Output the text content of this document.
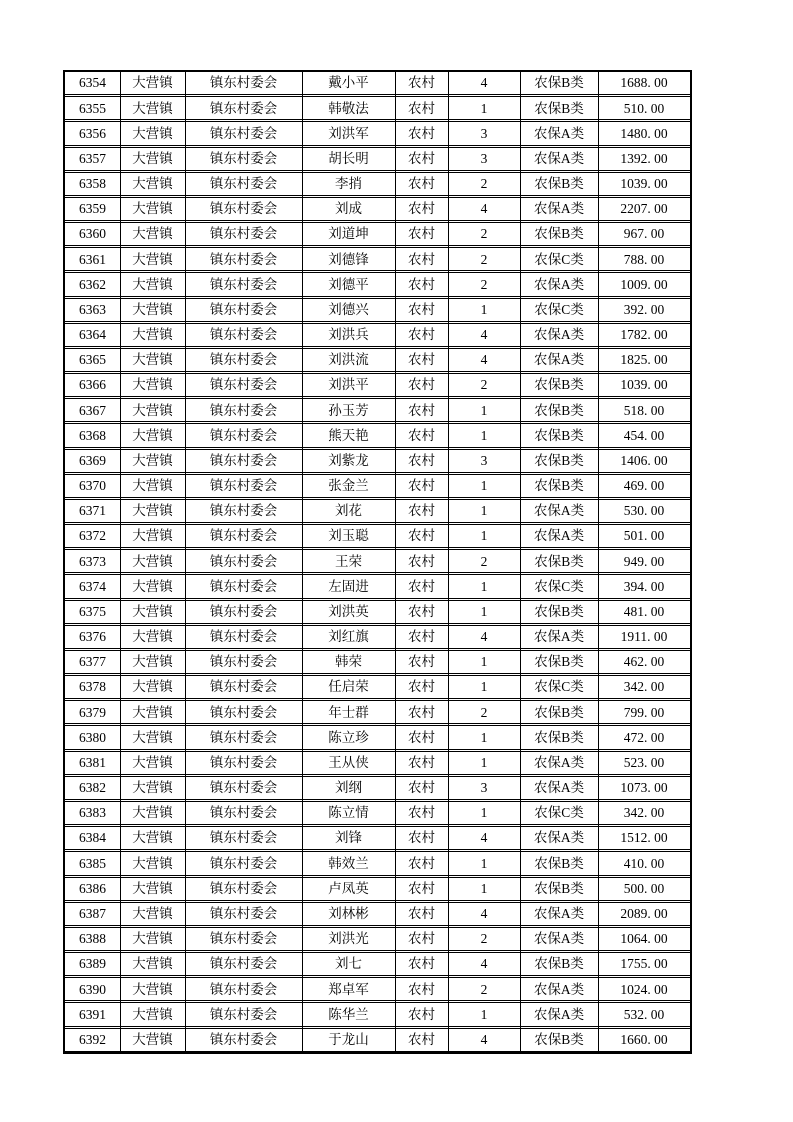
6354	大营镇	镇东村委会	戴小平	农村	4	农保B类	1688. 00
6355	大营镇	镇东村委会	韩敬法	农村	1	农保B类	510. 00
6356	大营镇	镇东村委会	刘洪军	农村	3	农保A类	1480. 00
6357	大营镇	镇东村委会	胡长明	农村	3	农保A类	1392. 00
6358	大营镇	镇东村委会	李捎	农村	2	农保B类	1039. 00
6359	大营镇	镇东村委会	刘成	农村	4	农保A类	2207. 00
6360	大营镇	镇东村委会	刘道坤	农村	2	农保B类	967. 00
6361	大营镇	镇东村委会	刘德锋	农村	2	农保C类	788. 00
6362	大营镇	镇东村委会	刘德平	农村	2	农保A类	1009. 00
6363	大营镇	镇东村委会	刘德兴	农村	1	农保C类	392. 00
6364	大营镇	镇东村委会	刘洪兵	农村	4	农保A类	1782. 00
6365	大营镇	镇东村委会	刘洪流	农村	4	农保A类	1825. 00
6366	大营镇	镇东村委会	刘洪平	农村	2	农保B类	1039. 00
6367	大营镇	镇东村委会	孙玉芳	农村	1	农保B类	518. 00
6368	大营镇	镇东村委会	熊天艳	农村	1	农保B类	454. 00
6369	大营镇	镇东村委会	刘紫龙	农村	3	农保B类	1406. 00
6370	大营镇	镇东村委会	张金兰	农村	1	农保B类	469. 00
6371	大营镇	镇东村委会	刘花	农村	1	农保A类	530. 00
6372	大营镇	镇东村委会	刘玉聪	农村	1	农保A类	501. 00
6373	大营镇	镇东村委会	王荣	农村	2	农保B类	949. 00
6374	大营镇	镇东村委会	左固进	农村	1	农保C类	394. 00
6375	大营镇	镇东村委会	刘洪英	农村	1	农保B类	481. 00
6376	大营镇	镇东村委会	刘红旗	农村	4	农保A类	1911. 00
6377	大营镇	镇东村委会	韩荣	农村	1	农保B类	462. 00
6378	大营镇	镇东村委会	任启荣	农村	1	农保C类	342. 00
6379	大营镇	镇东村委会	年士群	农村	2	农保B类	799. 00
6380	大营镇	镇东村委会	陈立珍	农村	1	农保B类	472. 00
6381	大营镇	镇东村委会	王从侠	农村	1	农保A类	523. 00
6382	大营镇	镇东村委会	刘纲	农村	3	农保A类	1073. 00
6383	大营镇	镇东村委会	陈立情	农村	1	农保C类	342. 00
6384	大营镇	镇东村委会	刘锋	农村	4	农保A类	1512. 00
6385	大营镇	镇东村委会	韩效兰	农村	1	农保B类	410. 00
6386	大营镇	镇东村委会	卢凤英	农村	1	农保B类	500. 00
6387	大营镇	镇东村委会	刘林彬	农村	4	农保A类	2089. 00
6388	大营镇	镇东村委会	刘洪光	农村	2	农保A类	1064. 00
6389	大营镇	镇东村委会	刘七	农村	4	农保B类	1755. 00
6390	大营镇	镇东村委会	郑卓军	农村	2	农保A类	1024. 00
6391	大营镇	镇东村委会	陈华兰	农村	1	农保A类	532. 00
6392	大营镇	镇东村委会	于龙山	农村	4	农保B类	1660. 00
